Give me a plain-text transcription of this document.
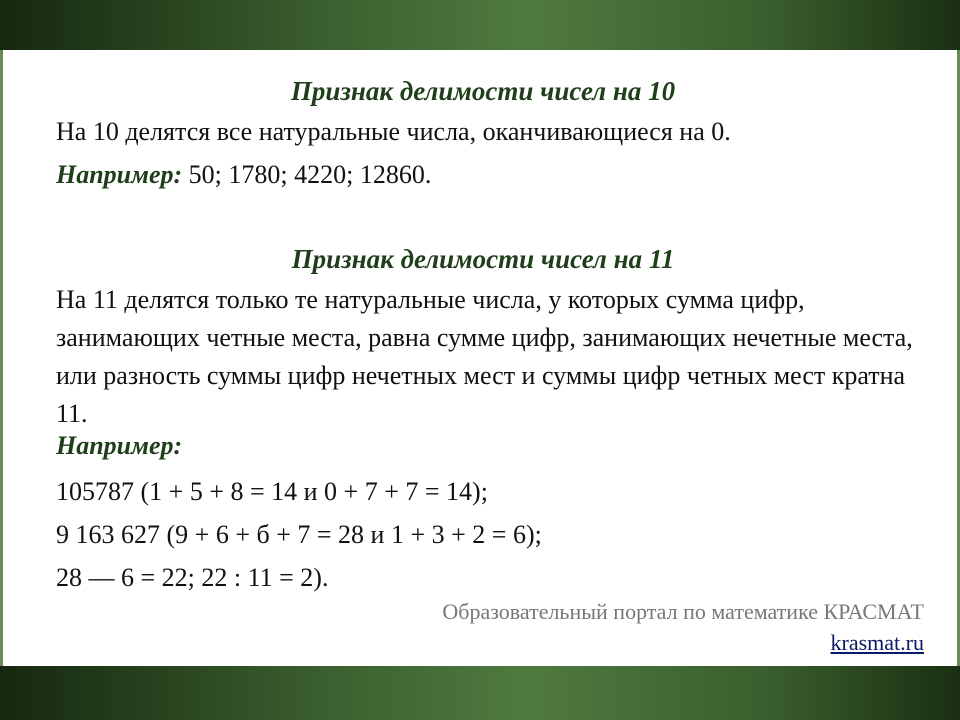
Признак делимости чисел на 10

На 10 делятся все натуральные числа, оканчивающиеся на 0.

Например: 50; 1780; 4220; 12860.

Признак делимости чисел на 11

На 11 делятся только те натуральные числа, у которых сумма цифр, занимающих четные места, равна сумме цифр, занимающих нечетные места, или разность суммы цифр нечетных мест и суммы цифр четных мест кратна 11.

Например:

105787 (1 + 5 + 8 = 14 и 0 + 7 + 7 = 14);

9 163 627 (9 + 6 + б + 7 = 28 и 1 + 3 + 2 = 6);

28 — 6 = 22; 22 : 11 = 2).

Образовательный портал по математике КРАСМАТ

krasmat.ru
